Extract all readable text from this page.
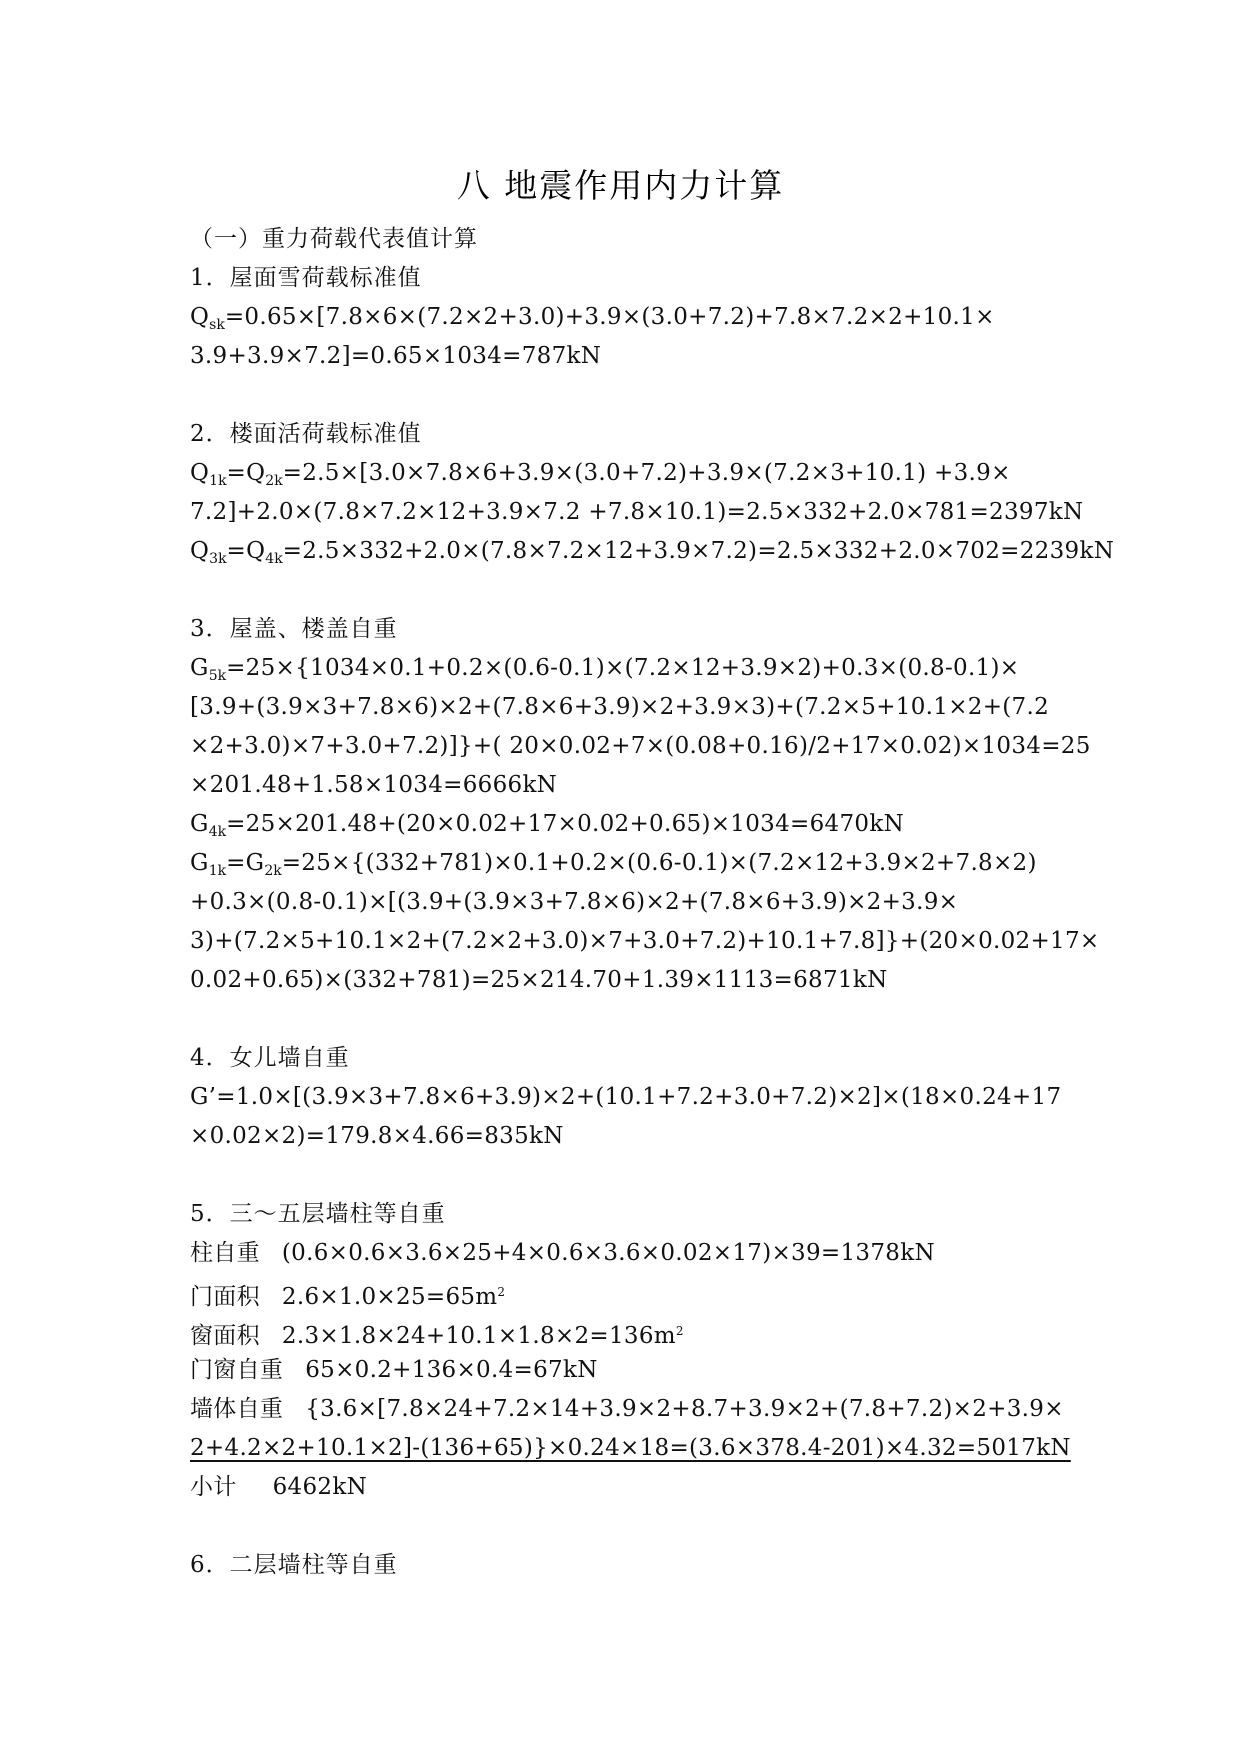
八 地震作用内力计算
（一）重力荷载代表值计算
1．屋面雪荷载标准值
$Q_{sk}=0.65\times[7.8\times 6\times(7.2\times 2+3.0)+3.9\times(3.0+7.2)+7.8\times 7.2\times 2+10.1\times$
3.9+3.9×7.2]=0.65×1034=787kN
2．楼面活荷载标准值
$Q_{1k}=Q_{2k}=2.5\times[3.0\times 7.8\times 6+3.9\times(3.0+7.2)+3.9\times(7.2\times 3+10.1) +3.9\times$
7.2]+2.0×(7.8×7.2×12+3.9×7.2 +7.8×10.1)=2.5×332+2.0×781=2397kN
$Q_{3k}=Q_{4k}=2.5\times 332+2.0\times(7.8\times 7.2\times 12+3.9\times 7.2)=2.5\times 332+2.0\times 702=2239kN$
3．屋盖、楼盖自重
$G_{5k}=25\times\{1034\times 0.1+0.2\times(0.6-0.1)\times(7.2\times 12+3.9\times 2)+0.3\times(0.8-0.1)\times$
[3.9+(3.9×3+7.8×6)×2+(7.8×6+3.9)×2+3.9×3)+(7.2×5+10.1×2+(7.2
×2+3.0)×7+3.0+7.2)]}+( 20×0.02+7×(0.08+0.16)/2+17×0.02)×1034=25
×201.48+1.58×1034=6666kN
$G_{4k}=25\times 201.48+(20\times 0.02+17\times 0.02+0.65)\times 1034=6470kN$
$G_{1k}=G_{2k}=25\times\{(332+781)\times 0.1+0.2\times(0.6-0.1)\times(7.2\times 12+3.9\times 2+7.8\times 2)$
+0.3×(0.8-0.1)×[(3.9+(3.9×3+7.8×6)×2+(7.8×6+3.9)×2+3.9×
3)+(7.2×5+10.1×2+(7.2×2+3.0)×7+3.0+7.2)+10.1+7.8]}+(20×0.02+17×
0.02+0.65)×(332+781)=25×214.70+1.39×1113=6871kN
4．女儿墙自重
G’=1.0×[(3.9×3+7.8×6+3.9)×2+(10.1+7.2+3.0+7.2)×2]×(18×0.24+17
×0.02×2)=179.8×4.66=835kN
5．三～五层墙柱等自重
柱自重 (0.6×0.6×3.6×25+4×0.6×3.6×0.02×17)×39=1378kN
门面积 $2.6\times 1.0\times 25=65m^2$
窗面积 $2.3\times 1.8\times 24+10.1\times 1.8\times 2=136m^2$
门窗自重 65×0.2+136×0.4=67kN
墙体自重 {3.6×[7.8×24+7.2×14+3.9×2+8.7+3.9×2+(7.8+7.2)×2+3.9×
2+4.2×2+10.1×2]-(136+65)}×0.24×18=(3.6×378.4-201)×4.32=5017kN
小计 6462kN
6．二层墙柱等自重
